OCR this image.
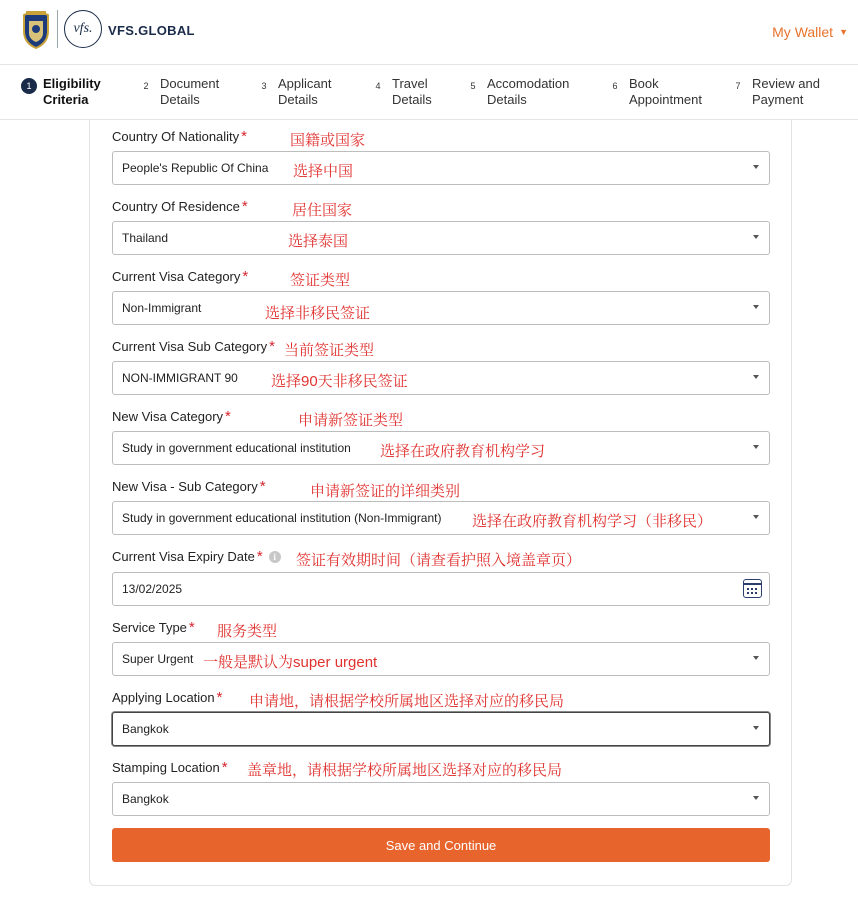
vfs.	VFS.GLOBAL	My Wallet ▼
1 Eligibility
Criteria
2 Document
Details
3 Applicant
Details
4 Travel
Details
5 Accomodation
Details
6 Book
Appointment
7 Review and
Payment
Country Of Nationality *	国籍或国家
People's Republic Of China 选择中国
Country Of Residence *	居住国家
Thailand	选择泰国
Current Visa Category *	签证类型
Non-Immigrant	选择非移民签证
Current Visa Sub Category * 当前签证类型
NON-IMMIGRANT 90 选择90天非移民签证
New Visa Category *	申请新签证类型
Study in government educational institution 选择在政府教育机构学习
New Visa - Sub Category *	申请新签证的详细类别
Study in government educational institution (Non-Immigrant) 选择在政府教育机构学习（非移民）
Current Visa Expiry Date *	i	签证有效期时间（请查看护照入境盖章页）
13/02/2025
Service Type * 服务类型
Super Urgent 一般是默认为super urgent
Applying Location * 申请地，请根据学校所属地区选择对应的移民局
Bangkok
Stamping Location * 盖章地，请根据学校所属地区选择对应的移民局
Bangkok
Save and Continue
